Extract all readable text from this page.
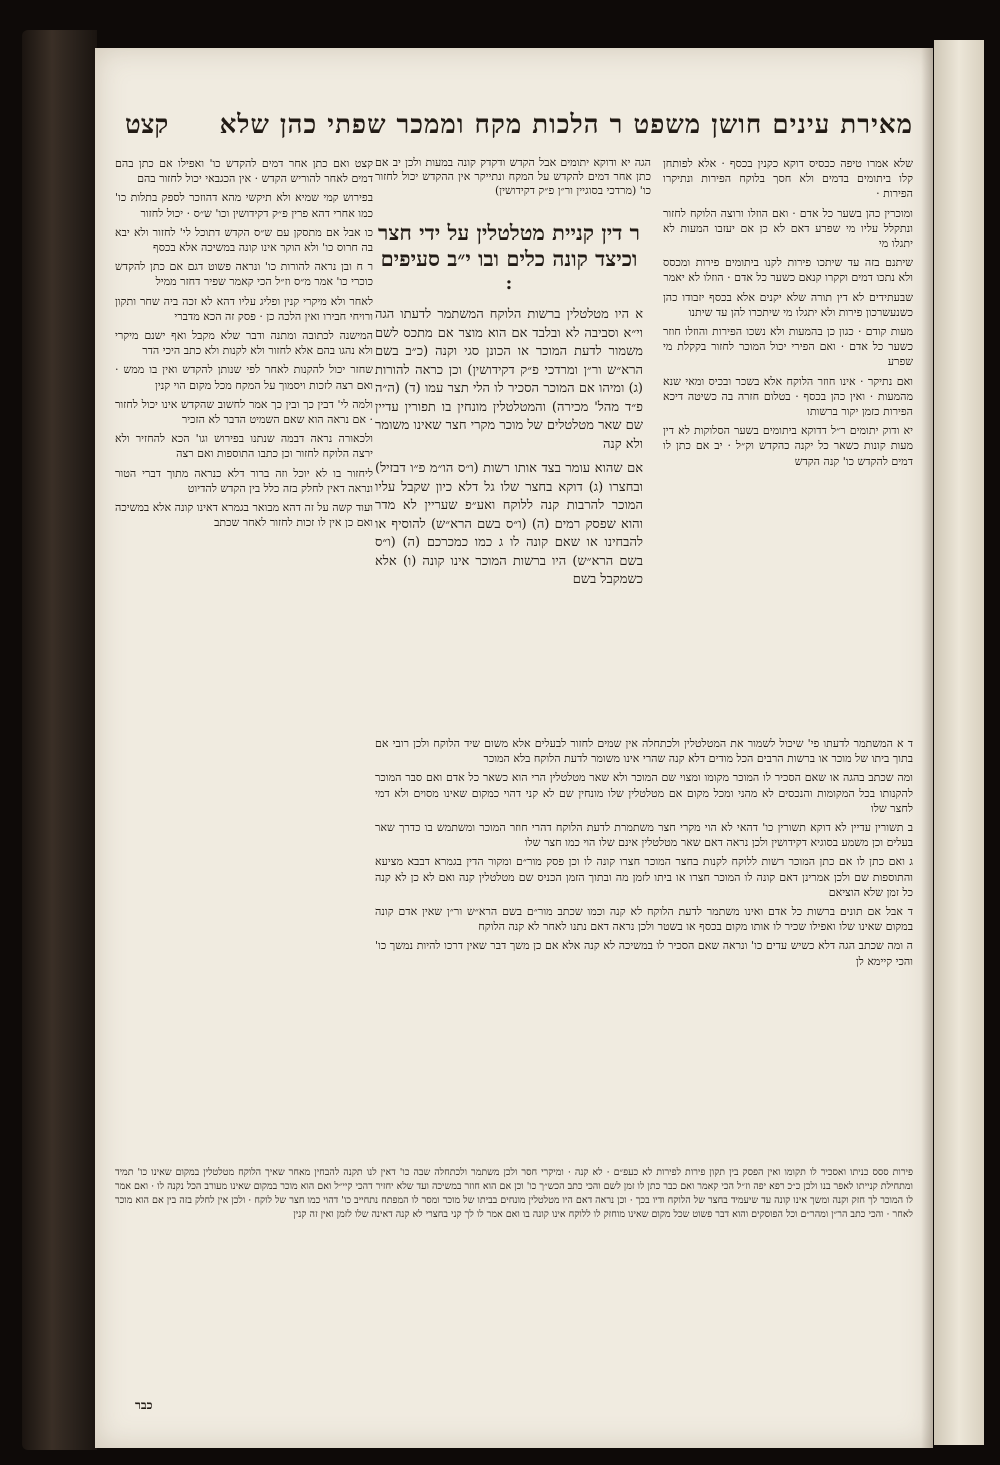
מאירת עינים חושן משפט ר הלכות מקח וממכר שפתי כהן שלא
קצט

שלא אמרו טיפה ככסיס דוקא כקנין בכסף · אלא לפותחן קלו ביתומים בדמים ולא חסך בלוקח הפירות ונתיקרו הפירות ·

ומוכרין כהן בשער כל אדם · ואם הוזלו ורוצה הלוקח לחזור ונתקלל עליו מי שפרע דאם לא כן אם יעזבו המעות לא יתגלו מי

שיתנם בזה עד שיתכו פירות לקנו ביתומים פירות ומכסס ולא נתכו דמים וקקרו קנאם כשער כל אדם · הוזלו לא יאמר

שבעתידים לא דין תורה שלא יקנים אלא בכסף יזבודו כהן כשנעשרכון פירות ולא יתגלו מי שיתכרו להן עד שיתנו

מעות קודם · כגון כן בהמעות ולא נשכו הפירות והוזלו חוזר כשער כל אדם · ואם הפירי יכול המוכר לחזור בקקלת מי שפרע

ואם נתיקר · אינו חוזר הלוקח אלא בשכר ובכיס ומאי שנא מהמעות · ואין כהן בכסף · בטלום חזרה בה כשיטה דיכא הפירות כזמן יקור ברשותו

יא ודוק יתומים ר״ל דדוקא ביתומים בשער הסלוקות לא דין מעות קונות כשאר כל יקנה כהקדש וק״ל · יב אם כתן לו דמים להקדש כו' קנה הקדש

קצט ואם כתן אחר דמים להקדש כו' ואפילו אם כתן בהם דמים לאחר להוריש הקדש · אין הכגבאי יכול לחזור בהם

בפירוש קמי שמיא ולא תיקשי מהא דהוזכר לספק בתלות כו' כמו אחרי דהא פרין פ״ק דקידושין וכו' ש״ס · יכול לחזור

כו אבל אם מתסקן עם ש״ס הקדש דתוכל לי' לחזור ולא יבא בה חרוס כו' ולא הוקר אינו קונה במשיכה אלא בכסף

ר ח ובן נראה להורות כו' ונראה פשוט דגם אם כתן להקדש כוכרי כו' אמר מ״ס וז״ל הכי קאמר שפיר דחזר ממיל

לאחר ולא מיקרי קנין ופליג עליו דהא לא זכה ביה שחר ותקון ורויחי חבירו ואין הלכה כן · פסק זה הכא מדברי

המישנה לכתובה ומתנה ודבר שלא מקבל ואף ישנם מיקרי ולא נהגו בהם אלא לחזור ולא לקנות ולא כתב היכי הדר

שחזר יכול להקנות לאחר לפי שנותן להקדש ואין בו ממש · ואם רצה לזכות ויסמוך על המקח מכל מקום הוי קנין

ולמה לי' דבין כך ובין כך אמר לחשוב שהקדש אינו יכול לחזור · אם נראה הוא שאם השמיט הדבר לא הזכיר

ולכאורה נראה דבמה שנתנו בפירוש וגו' הכא להחזיר ולא ירצה הלוקח לחזור וכן כתבו התוספות ואם רצה

ליחזור בו לא יוכל וזה ברור דלא כנראה מתוך דברי הטור ונראה דאין לחלק בזה כלל בין הקדש להדיוט

ועוד קשה על זה דהא מבואר בגמרא דאינו קונה אלא במשיכה ואם כן אין לו זכות לחזור לאחר שכתב

הגה יא ודוקא יתומים אבל הקדש ודקדק קונה במעות ולכן יב אם כתן אחר דמים להקדש על המקח ונתייקר אין ההקדש יכול לחזור כו' (מרדכי בסוגיין ור״ן פ״ק דקידושין)
ר דין קניית מטלטלין על ידי חצר וכיצד קונה כלים ובו י״ב סעיפים
:

א היו מטלטלין ברשות הלוקח המשתמר לדעתו הגה וי״א וסביבה לא ובלבד אם הוא מוצר אם מתכס לשם משמור לדעת המוכר או הכונן סגי וקנה (כ״ב בשם הרא״ש ור״ן ומרדכי פ״ק דקידושין) וכן כראה להורות (ג) ומיהו אם המוכר הסכיר לו הלי תצר עמו (ד) (ה״ה פ״ד מהל' מכירה) והמטלטלין מונחין בו תפורין עדיין שם שאר מטלטלים של מוכר מקרי חצר שאינו משומר ולא קנה

אם שהוא עומר בצד אותו רשות (ו״ס הו״מ פ״ו דבזיל) ובחצרו (ג) דוקא בחצר שלו גל דלא כיון שקבל עליו המוכר להרבות קנה ללוקח ואע״פ שעריין לא מדר והוא שפסק רמים (ה) (ו״ס בשם הרא״ש) להוסיף או להבחינו או שאם קונה לו ג כמו כמכרכם (ה) (ו״ס בשם הרא״ש) היו ברשות המוכר אינו קונה (ו) אלא כשמקבל בשם

ד א המשתמר לדעתו פי' שיכול לשמור את המטלטלין ולכתחלה אין שמים לחזור לבעלים אלא משום שיד הלוקח ולכן רובי אם בתוך ביתו של מוכר או ברשות הרבים הכל מודים דלא קנה שהרי אינו משומר לדעת הלוקח בלא המוכר

ומה שכתב בהגה או שאם הסכיר לו המוכר מקומו ומצוי שם המוכר ולא שאר מטלטלין הרי הוא כשאר כל אדם ואם סבר המוכר להקנותו בכל המקומות והנכסים לא מהני ומכל מקום אם מטלטלין שלו מונחין שם לא קני דהוי כמקום שאינו מסוים ולא דמי לחצר שלו

ב תשורין עדיין לא דוקא תשורין כו' דהאי לא הוי מקרי חצר משתמרת לדעת הלוקח דהרי חוזר המוכר ומשתמש בו כדרך שאר בעלים וכן משמע בסוגיא דקידושין ולכן נראה דאם שאר מטלטלין אינם שלו הוי כמו חצר שלו

ג ואם כתן לו אם כתן המוכר רשות ללוקח לקנות בחצר המוכר חצרו קונה לו וכן פסק מור״ם ומקור הדין בגמרא דבבא מציעא והתוספות שם ולכן אמרינן דאם קונה לו המוכר חצרו או ביתו לזמן מה ובתוך הזמן הכניס שם מטלטלין קנה ואם לא כן לא קנה כל זמן שלא הוציאם

ד אבל אם תונים ברשות כל אדם ואינו משתמר לדעת הלוקח לא קנה וכמו שכתב מור״ם בשם הרא״ש ור״ן שאין אדם קונה במקום שאינו שלו ואפילו שכיר לו אותו מקום בכסף או בשטר ולכן נראה דאם נתנו לאחר לא קנה הלוקח

ה ומה שכתב הגה דלא כשיש עדים כו' ונראה שאם הסכיר לו במשיכה לא קנה אלא אם כן משך דבר שאין דרכו להיות נמשך כו' והכי קיימא לן

פירות ססס כניתו ואסכיר לו תקומו ואין הפסק בין תקון פירות לפירות לא כעפ״ם · לא קנה · ומיקרי חסר ולכן משתמר ולכתחלה שבה כו' דאין לנו תקנה להבחין מאחר שאיך הלוקח מטלטלין במקום שאינו כו' תמיד ומתחילת קנייתו לאפר בנו ולכן כ״כ רפא יפה וז״ל הכי קאמר ואם כבר כתן לו זמן לשם והכי כתב הכש״ך כו' וכן אם הוא חוזר במשיכה ועד שלא יחזיר דהכי קיי״ל ואם הוא מוכר במקום שאינו מעורב הכל נקנה לו · ואם אמר לו המוכר לך חזק וקנה ומשך אינו קונה עד שיעמיד בחצר של הלוקח ודיו בכך · וכן נראה דאם היו מטלטלין מונחים בביתו של מוכר ומסר לו המפתח נתחייב כו' דהוי כמו חצר של לוקח · ולכן אין לחלק בזה בין אם הוא מוכר לאחר · והכי כתב הר״ן ומהר״ם וכל הפוסקים והוא דבר פשוט שכל מקום שאינו מוחזק לו ללוקח אינו קונה בו ואם אמר לו לך קני בחצרי לא קנה דאינה שלו לזמן ואין זה קנין
כבר
